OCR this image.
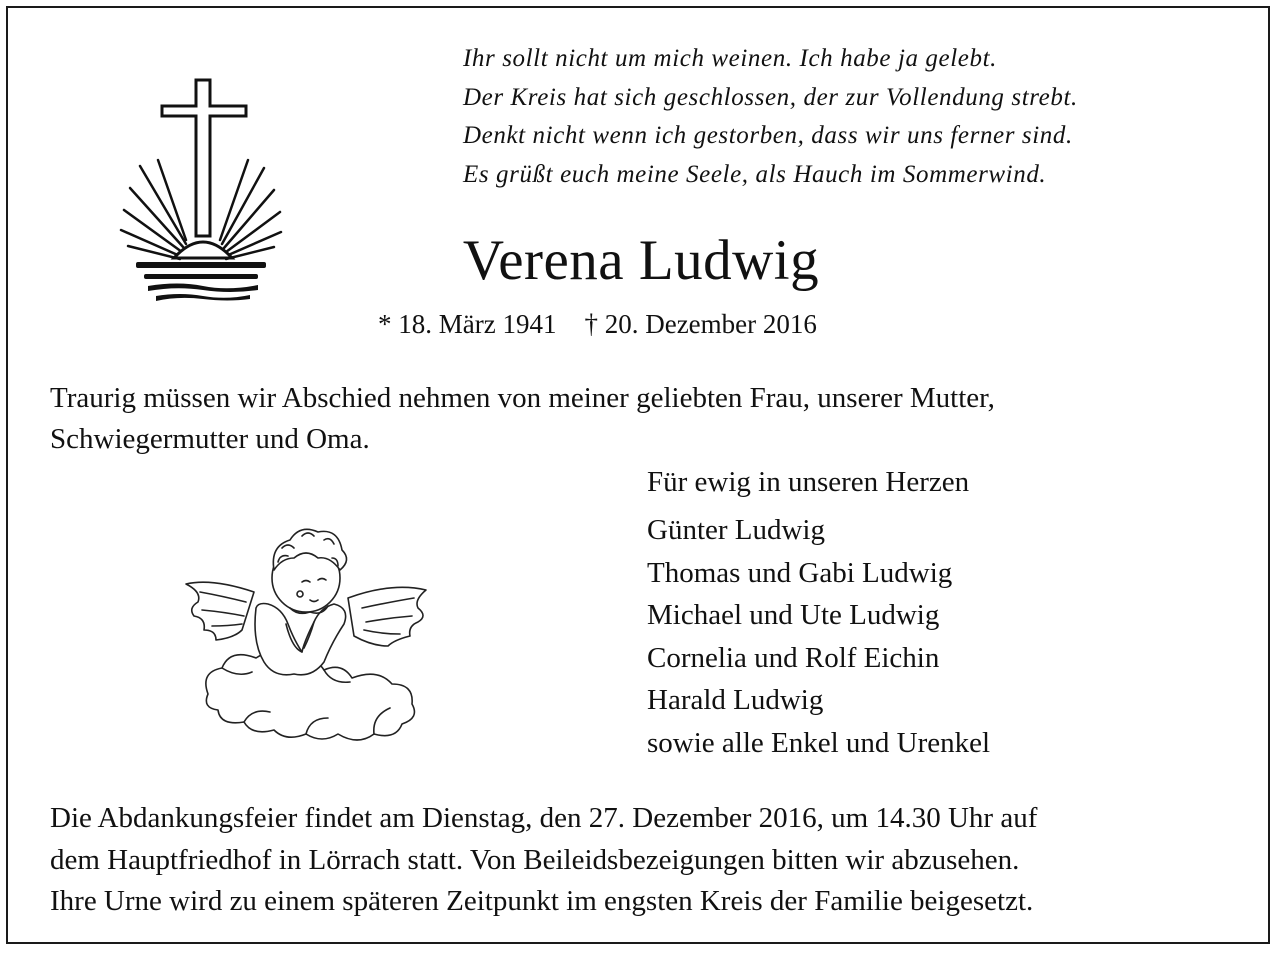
Ihr sollt nicht um mich weinen. Ich habe ja gelebt.
Der Kreis hat sich geschlossen, der zur Vollendung strebt.
Denkt nicht wenn ich gestorben, dass wir uns ferner sind.
Es grüßt euch meine Seele, als Hauch im Sommerwind.
Verena Ludwig
* 18. März 1941 † 20. Dezember 2016
Traurig müssen wir Abschied nehmen von meiner geliebten Frau, unserer Mutter,
Schwiegermutter und Oma.
Für ewig in unseren Herzen
Günter Ludwig
Thomas und Gabi Ludwig
Michael und Ute Ludwig
Cornelia und Rolf Eichin
Harald Ludwig
sowie alle Enkel und Urenkel
Die Abdankungsfeier findet am Dienstag, den 27. Dezember 2016, um 14.30 Uhr auf
dem Hauptfriedhof in Lörrach statt. Von Beileidsbezeigungen bitten wir abzusehen.
Ihre Urne wird zu einem späteren Zeitpunkt im engsten Kreis der Familie beigesetzt.
